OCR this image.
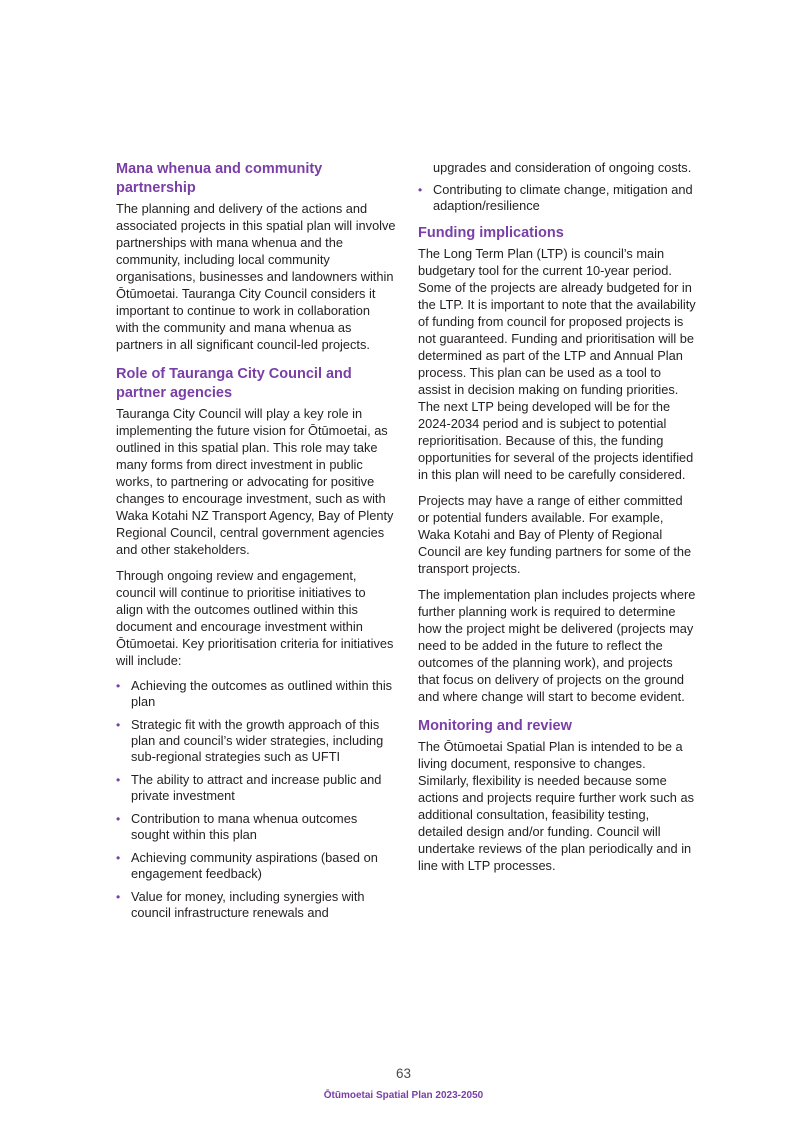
Mana whenua and community partnership

The planning and delivery of the actions and associated projects in this spatial plan will involve partnerships with mana whenua and the community, including local community organisations, businesses and landowners within Ōtūmoetai. Tauranga City Council considers it important to continue to work in collaboration with the community and mana whenua as partners in all significant council-led projects.

Role of Tauranga City Council and partner agencies

Tauranga City Council will play a key role in implementing the future vision for Ōtūmoetai, as outlined in this spatial plan. This role may take many forms from direct investment in public works, to partnering or advocating for positive changes to encourage investment, such as with Waka Kotahi NZ Transport Agency, Bay of Plenty Regional Council, central government agencies and other stakeholders.

Through ongoing review and engagement, council will continue to prioritise initiatives to align with the outcomes outlined within this document and encourage investment within Ōtūmoetai. Key prioritisation criteria for initiatives will include:

• Achieving the outcomes as outlined within this plan
• Strategic fit with the growth approach of this plan and council’s wider strategies, including sub-regional strategies such as UFTI
• The ability to attract and increase public and private investment
• Contribution to mana whenua outcomes sought within this plan
• Achieving community aspirations (based on engagement feedback)
• Value for money, including synergies with council infrastructure renewals and
upgrades and consideration of ongoing costs.
• Contributing to climate change, mitigation and adaption/resilience
Funding implications

The Long Term Plan (LTP) is council’s main budgetary tool for the current 10-year period. Some of the projects are already budgeted for in the LTP. It is important to note that the availability of funding from council for proposed projects is not guaranteed. Funding and prioritisation will be determined as part of the LTP and Annual Plan process. This plan can be used as a tool to assist in decision making on funding priorities. The next LTP being developed will be for the 2024-2034 period and is subject to potential reprioritisation. Because of this, the funding opportunities for several of the projects identified in this plan will need to be carefully considered.

Projects may have a range of either committed or potential funders available. For example, Waka Kotahi and Bay of Plenty of Regional Council are key funding partners for some of the transport projects.

The implementation plan includes projects where further planning work is required to determine how the project might be delivered (projects may need to be added in the future to reflect the outcomes of the planning work), and projects that focus on delivery of projects on the ground and where change will start to become evident.

Monitoring and review

The Ōtūmoetai Spatial Plan is intended to be a living document, responsive to changes. Similarly, flexibility is needed because some actions and projects require further work such as additional consultation, feasibility testing, detailed design and/or funding. Council will undertake reviews of the plan periodically and in line with LTP processes.

63
Ōtūmoetai Spatial Plan 2023-2050
